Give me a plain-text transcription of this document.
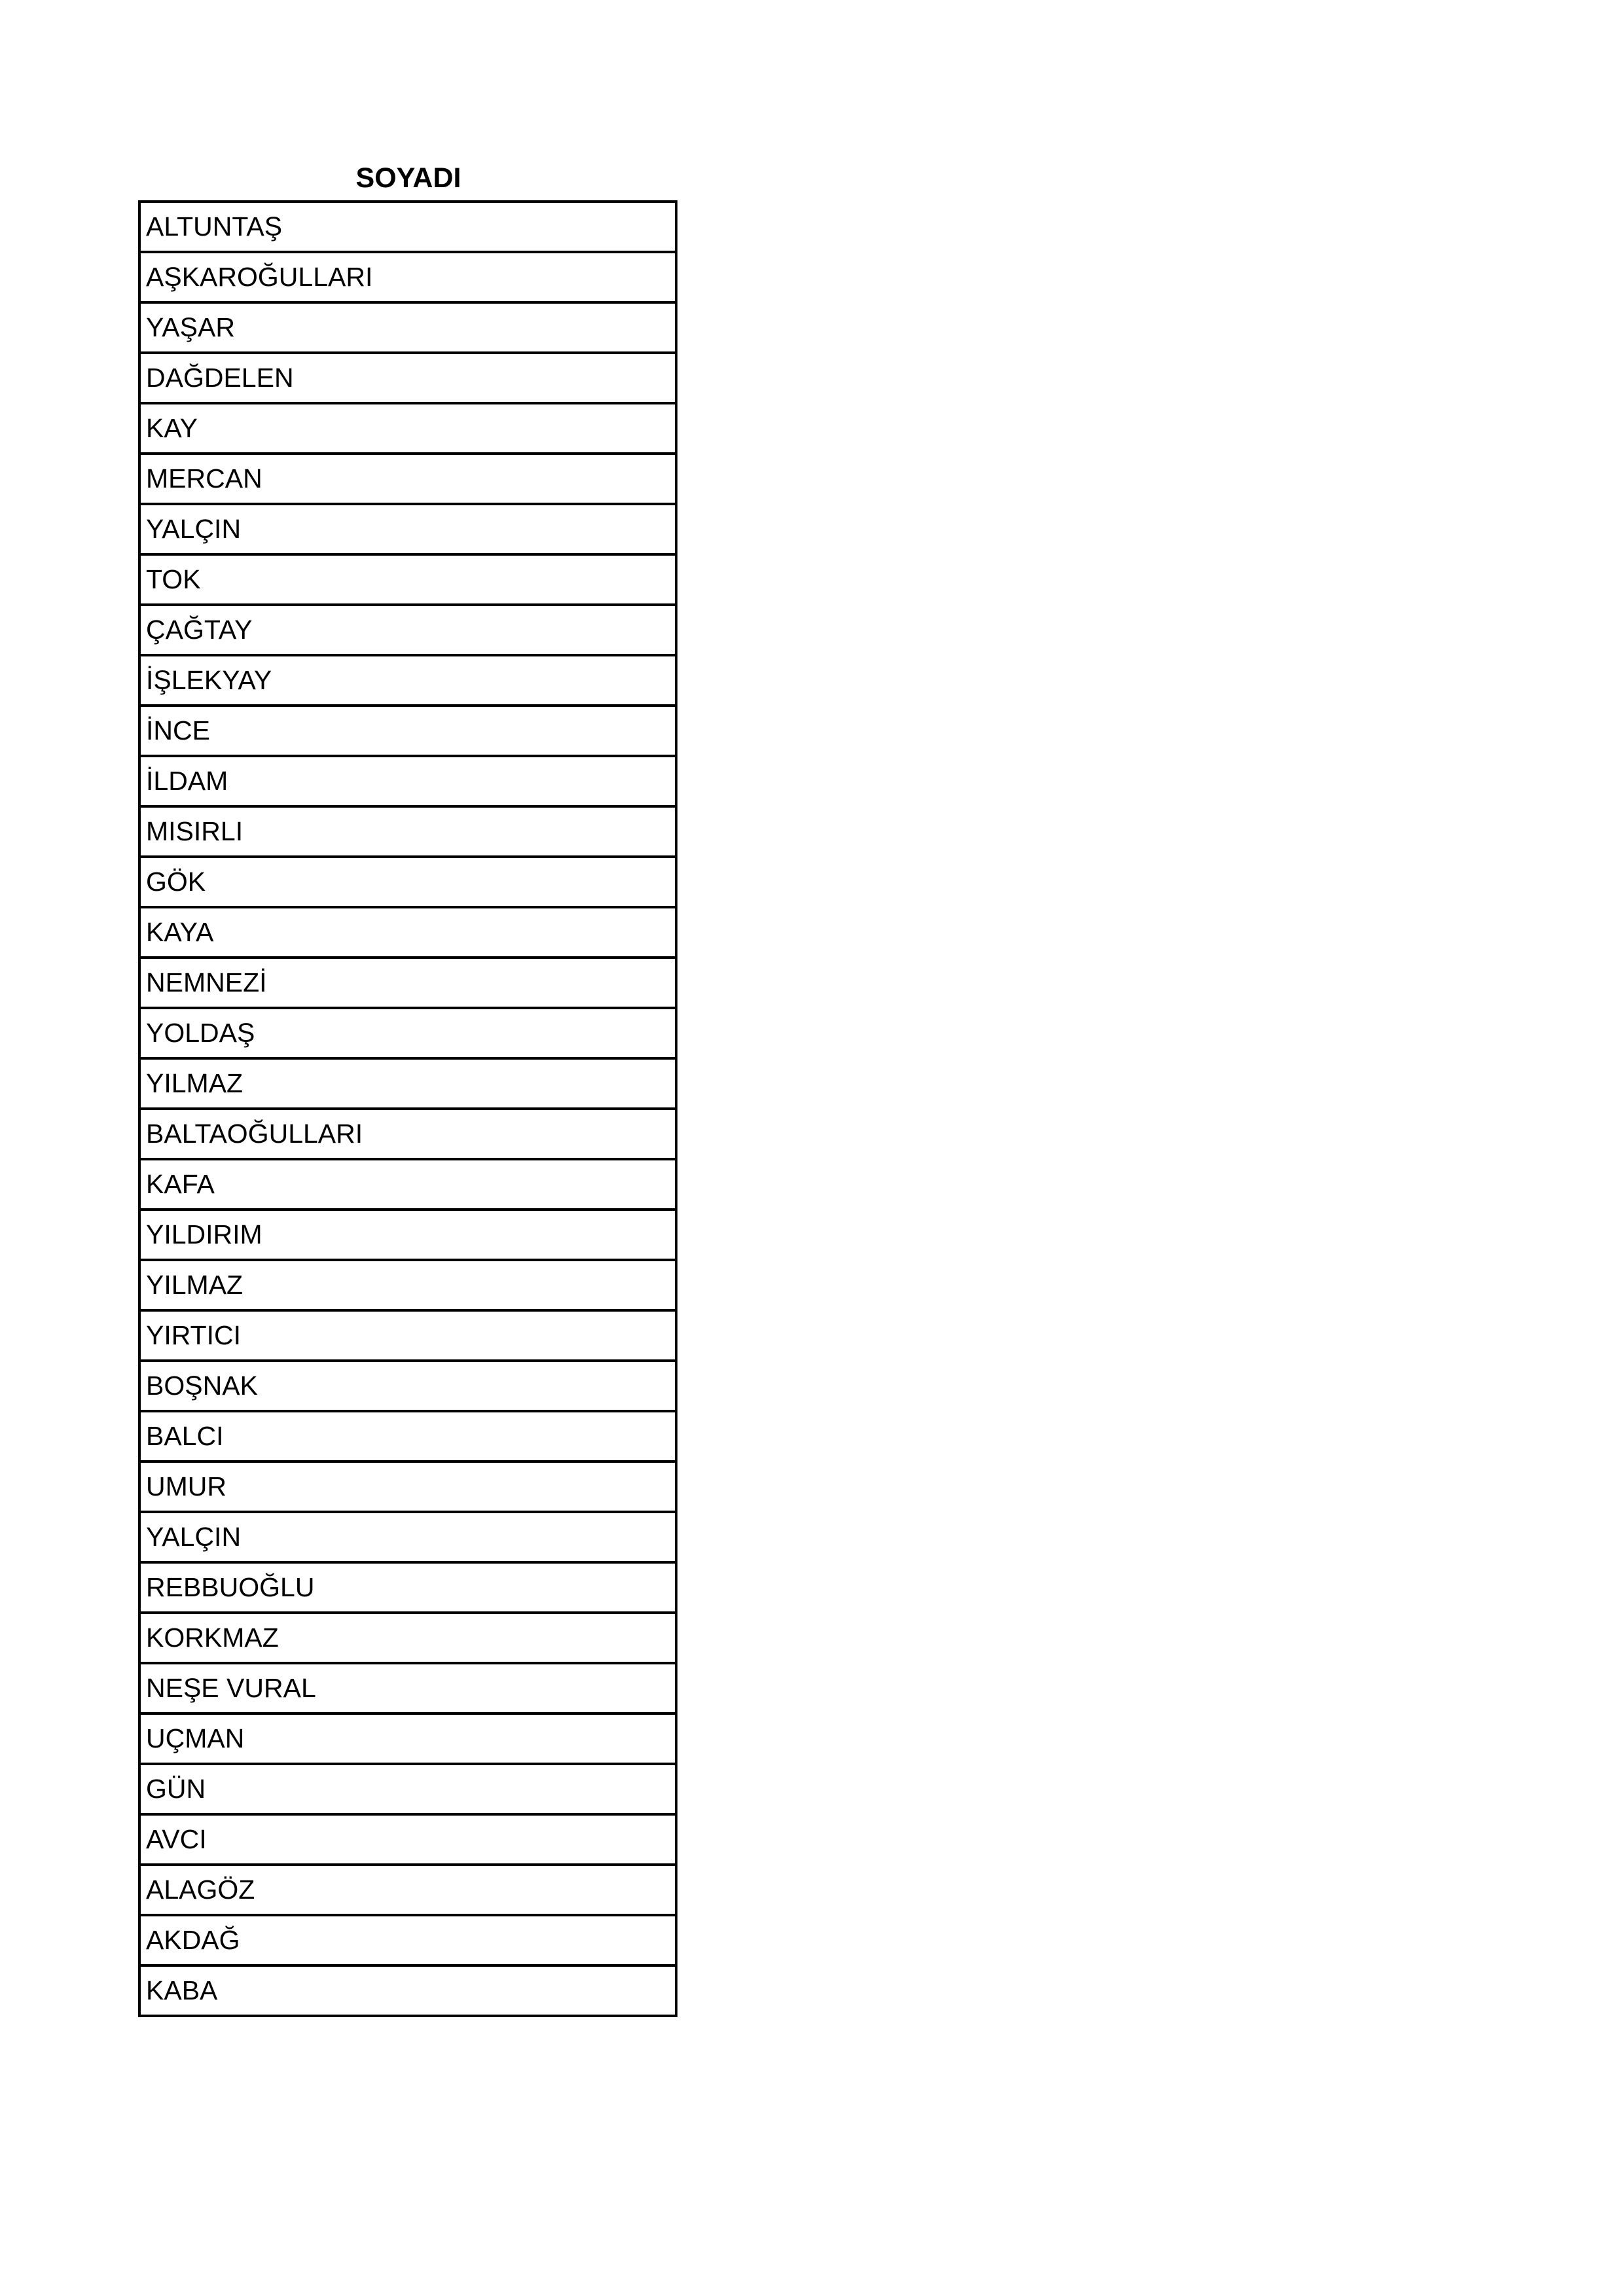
SOYADI
ALTUNTAŞ
AŞKAROĞULLARI
YAŞAR
DAĞDELEN
KAY
MERCAN
YALÇIN
TOK
ÇAĞTAY
İŞLEKYAY
İNCE
İLDAM
MISIRLI
GÖK
KAYA
NEMNEZİ
YOLDAŞ
YILMAZ
BALTAOĞULLARI
KAFA
YILDIRIM
YILMAZ
YIRTICI
BOŞNAK
BALCI
UMUR
YALÇIN
REBBUOĞLU
KORKMAZ
NEŞE VURAL
UÇMAN
GÜN
AVCI
ALAGÖZ
AKDAĞ
KABA
